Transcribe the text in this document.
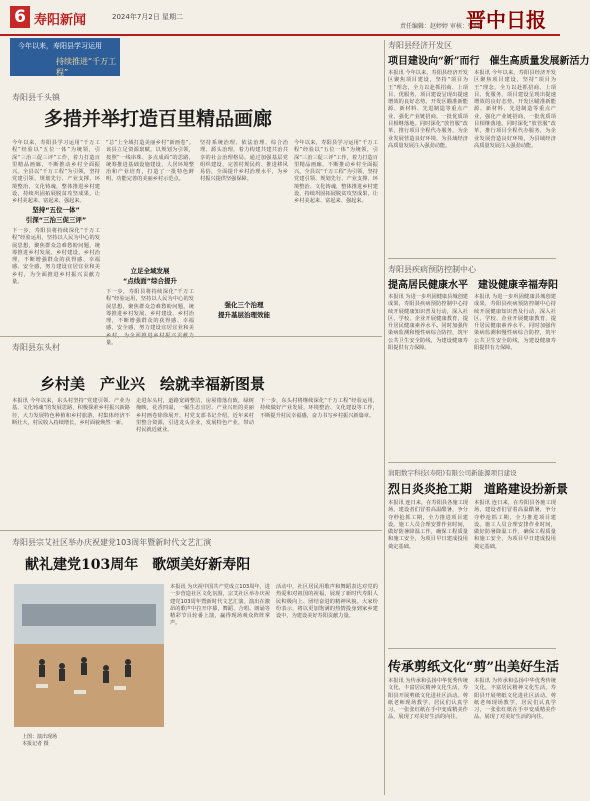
6 寿阳新闻	2024年7月2日 星期二
责任编辑：赵婷婷 审核：张晓
晋中日报
今年以来，寿阳县学习运用
持续推进“千万工程”
寿阳县千头镇
多措并举打造百里精品画廊
今年以来，寿阳县学习运用“千万工程”经验以“五位一体”为统领，引深“三治三促三评”工作，着力打造百里精品画廊，不断推动乡村全面振兴。全县以“千万工程”为引领，坚持党建引领、规划先行、产业支撑、环境整治、文化铸魂，整体推进乡村建设，持续巩固拓展脱贫攻坚成果，让乡村美起来、富起来、强起来。
坚持“五位一体”
引深“三治三促三评”
下一步，寿阳县将持续深化“千万工程”经验运用，坚持以人民为中心的发展思想，聚焦群众急难愁盼问题，统筹推进乡村发展、乡村建设、乡村治理，不断增强群众的获得感、幸福感、安全感，努力建设宜居宜业和美乡村，为全面推进乡村振兴贡献力量。
“总”上全域打造美丽乡村“新画卷”。该县立足资源禀赋，以规划为引领，按照“一线串珠、多点成面”的思路，统筹推进基础设施建设、人居环境整治和产业培育，打造了一批特色鲜明、功能完善的美丽乡村示范点。
立足全域发展
“点线面”综合提升
下一步，寿阳县将持续深化“千万工程”经验运用，坚持以人民为中心的发展思想，聚焦群众急难愁盼问题，统筹推进乡村发展、乡村建设、乡村治理，不断增强群众的获得感、幸福感、安全感，努力建设宜居宜业和美 量。
坚持系统治理、依法治理、综合治理、源头治理，着力构建共建共治共享的社会治理格局。通过加强基层党组织建设、完善村规民约、推进移风易俗，全面提升乡村治理水平，为乡村振兴提供坚强保障。
强化三个治理
提升基层治理效能
今年以来，寿阳县学习运用“千万工程”经验以“五位一体”为统领，引深“三治三促三评”工作，着力打造百里精品画廊，不断推动乡村全面振兴。全县以“千万工程”为引领，坚持党建引领、规划先行、产业支撑、环境整治、文化铸魂，整体推进乡村建设，持续巩固拓展脱贫攻坚成果，让乡村美起来、富起来、强起来。
寿阳县东头村
乡村美　产业兴　绘就幸福新图景
本报讯 今年以来，东头村坚持“党建引领、产业为基、文化铸魂”的发展思路，积极探索乡村振兴新路径，大力发展特色种植和乡村旅游，村集体经济不断壮大，村民收入持续增长，乡村面貌焕然一新。
走进东头村，道路宽阔整洁，房屋错落有致，绿树掩映，花香四溢，一幅生态宜居、产业兴旺的美丽乡村画卷徐徐展开。村党支部书记介绍，近年来村里整合资源，引进龙头企业，发展特色产业，带动村民就近就业。
下一步，东头村将继续深化“千万工程”经验运用，持续做好产业发展、环境整治、文化建设等工作，不断提升村民幸福感，奋力书写乡村振兴新篇章。
寿阳县宗艾社区举办庆祝建党103周年暨新时代文艺汇演
献礼建党103周年　歌颂美好新寿阳
上图：演出现场
本报记者 摄
本报讯 为庆祝中国共产党成立103周年，进一步营造社区文化氛围，宗艾社区举办庆祝建党103周年暨新时代文艺汇演。演出在激昂的歌声中拉开序幕，舞蹈、合唱、朗诵等精彩节目轮番上演，赢得现场观众阵阵掌声。
活动中，社区居民用歌声和舞蹈表达对党的热爱和对祖国的祝福，展现了新时代寿阳人民积极向上、团结奋进的精神风貌。大家纷纷表示，将以更加饱满的热情投身到家乡建设中，为建设美好寿阳贡献力量。
寿阳县经济开发区
项目建设向“新”而行　催生高质量发展新活力
本报讯 今年以来，寿阳县经济开发区聚焦项目建设，坚持“项目为王”理念，全力以赴抓招商、上项目、优服务，项目建设呈现出提速增效的良好态势。开发区瞄准新能源、新材料、先进制造等重点产业，强化产业链招商，一批优质项目相继落地。同时深化“放管服”改革，推行项目全程代办服务，为企业发展营造良好环境，为县域经济高质量发展注入强劲动能。
本报讯 今年以来，寿阳县经济开发区聚焦项目建设，坚持“项目为王”理念，全力以赴抓招商、上项目、优服务，项目建设呈现出提速增效的良好态势。开发区瞄准新能源、新材料、先进制造等重点产业，强化产业链招商，一批优质项目相继落地。同时深化“放管服”改革，推行项目全程代办服务，为企业发展营造良好环境，为县域经济高质量发展注入强劲动能。
寿阳县疾病预防控制中心
提高居民健康水平　建设健康幸福寿阳
本报讯 为进一步巩固健康县城创建成果，寿阳县疾病预防控制中心持续开展健康知识普及行动，深入社区、学校、企业开展健康教育，提升居民健康素养水平。同时加强传染病监测和慢性病综合防控，筑牢公共卫生安全防线，为建设健康寿阳提供有力保障。
本报讯 为进一步巩固健康县城创建成果，寿阳县疾病预防控制中心持续开展健康知识普及行动，深入社区、学校、企业开展健康教育，提升居民健康素养水平。同时加强传染病监测和慢性病综合防控，筑牢公共卫生安全防线，为建设健康寿阳提供有力保障。
润阳数字科技(寿阳)有限公司新能源项目建设
烈日炎炎抢工期　道路建设扮新景
本报讯 连日来，在寿阳县各施工现场，建设者们冒着高温酷暑，争分夺秒抢抓工期，全力推进项目建设。施工人员合理安排作业时间，做好防暑降温工作，确保工程质量和施工安全，为项目早日建成投用奠定基础。
本报讯 连日来，在寿阳县各施工现场，建设者们冒着高温酷暑，争分夺秒抢抓工期，全力推进项目建设。施工人员合理安排作业时间，做好防暑降温工作，确保工程质量和施工安全，为项目早日建成投用奠定基础。
传承剪纸文化“剪”出美好生活
本报讯 为传承和弘扬中华优秀传统文化，丰富居民精神文化生活，寿阳县开展剪纸文化进社区活动。剪纸老师现场教学，居民们认真学习，一张张红纸在手中变成精美作品，展现了对美好生活的向往。
本报讯 为传承和弘扬中华优秀传统文化，丰富居民精神文化生活，寿阳县开展剪纸文化进社区活动。剪纸老师现场教学，居民们认真学习，一张张红纸在手中变成精美作品，展现了对美好生活的向往。
